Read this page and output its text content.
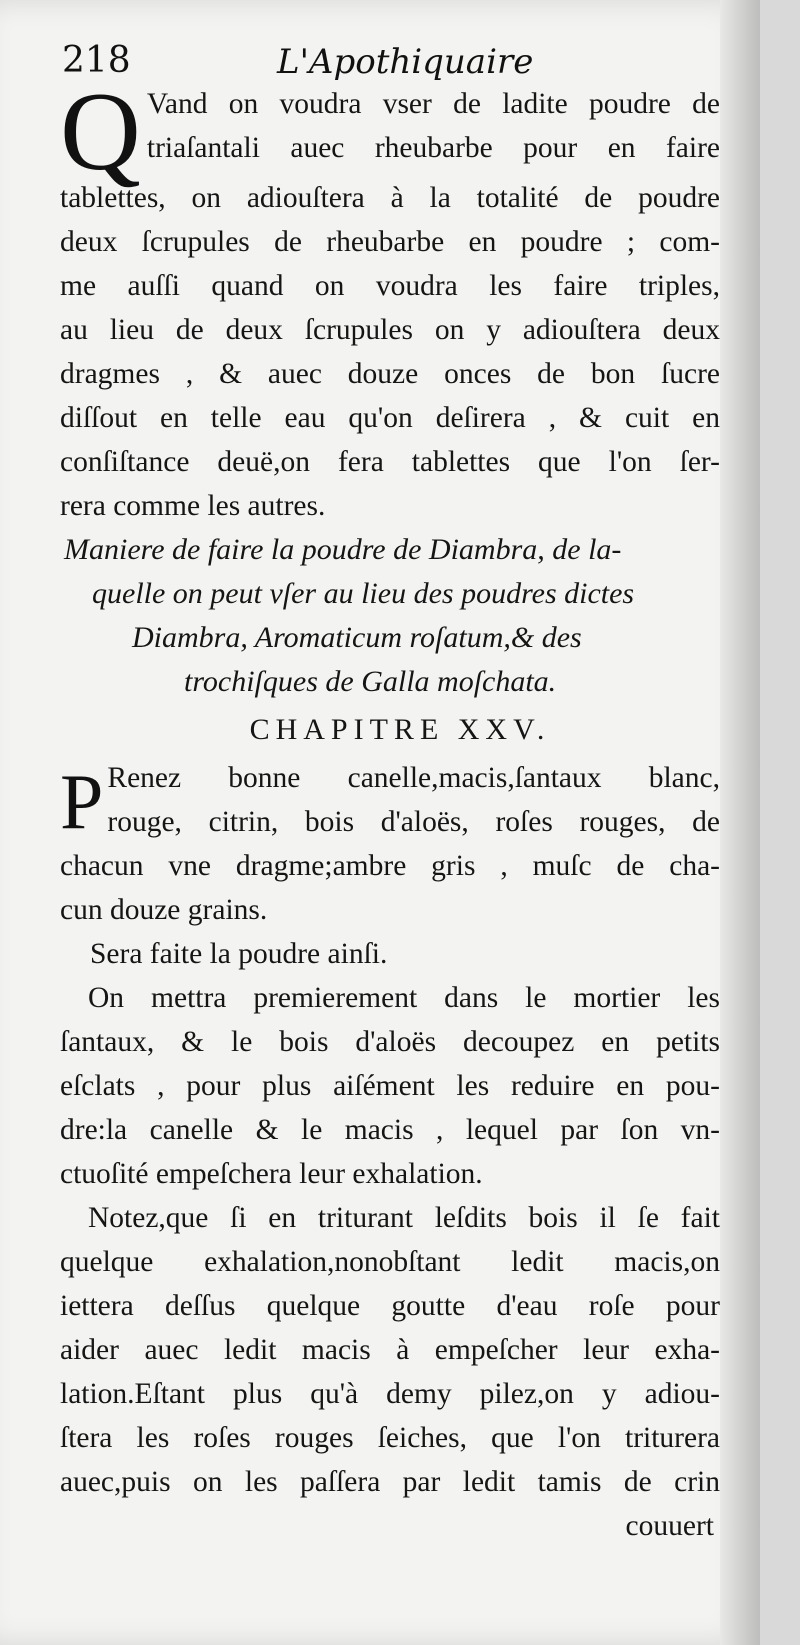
218	L'Apothiquaire
Q Vand on voudra vser de ladite poudre de
triaſantali auec rheubarbe pour en faire
tablettes, on adiouſtera à la totalité de poudre
deux ſcrupules de rheubarbe en poudre ; com-
me auſſi quand on voudra les faire triples,
au lieu de deux ſcrupules on y adiouſtera deux
dragmes , & auec douze onces de bon ſucre
diſſout en telle eau qu'on deſirera , & cuit en
conſiſtance deuë,on fera tablettes que l'on ſer-
rera comme les autres.
Maniere de faire la poudre de Diambra, de la-
quelle on peut vſer au lieu des poudres dictes
Diambra, Aromaticum roſatum,& des
trochiſques de Galla moſchata.
CHAPITRE XXV.
P Renez bonne canelle,macis,ſantaux blanc,
rouge, citrin, bois d'aloës, roſes rouges, de
chacun vne dragme;ambre gris , muſc de cha-
cun douze grains.
Sera faite la poudre ainſi.
On mettra premierement dans le mortier les
ſantaux, & le bois d'aloës decoupez en petits
eſclats , pour plus aiſément les reduire en pou-
dre:la canelle & le macis , lequel par ſon vn-
ctuoſité empeſchera leur exhalation.
Notez,que ſi en triturant leſdits bois il ſe fait
quelque exhalation,nonobſtant ledit macis,on
iettera deſſus quelque goutte d'eau roſe pour
aider auec ledit macis à empeſcher leur exha-
lation.Eſtant plus qu'à demy pilez,on y adiou-
ſtera les roſes rouges ſeiches, que l'on triturera
auec,puis on les paſſera par ledit tamis de crin
couuert
